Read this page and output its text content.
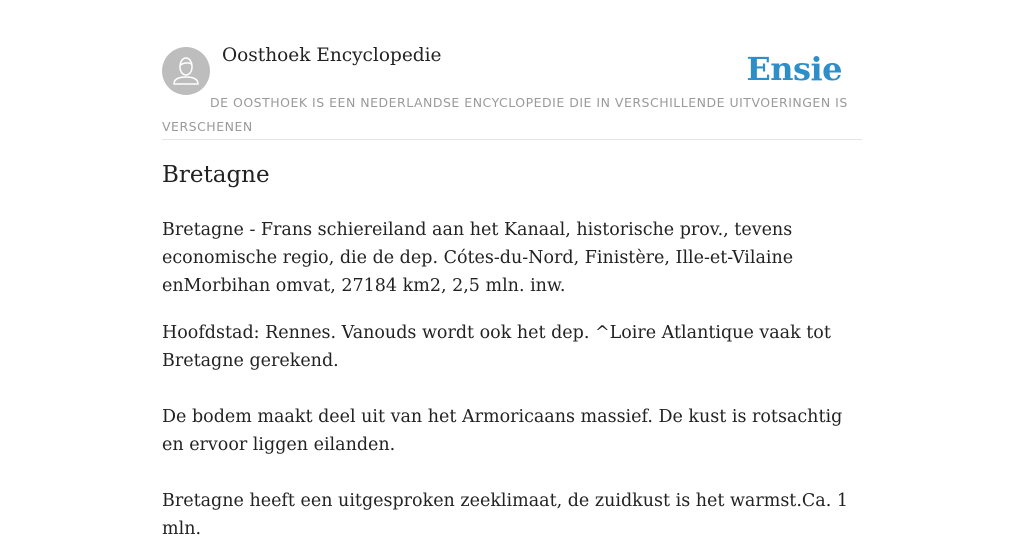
Oosthoek Encyclopedie	Ensie
DE OOSTHOEK IS EEN NEDERLANDSE ENCYCLOPEDIE DIE IN VERSCHILLENDE UITVOERINGEN IS VERSCHENEN
Bretagne

Bretagne - Frans schiereiland aan het Kanaal, historische prov., tevens economische regio, die de dep. Cótes-du-Nord, Finistère, Ille-et-Vilaine enMorbihan omvat, 27184 km2, 2,5 mln. inw.

Hoofdstad: Rennes. Vanouds wordt ook het dep. ^Loire Atlantique vaak tot Bretagne gerekend.

De bodem maakt deel uit van het Armoricaans massief. De kust is rotsachtig en ervoor liggen eilanden.

Bretagne heeft een uitgesproken zeeklimaat, de zuidkust is het warmst.Ca. 1 mln.
